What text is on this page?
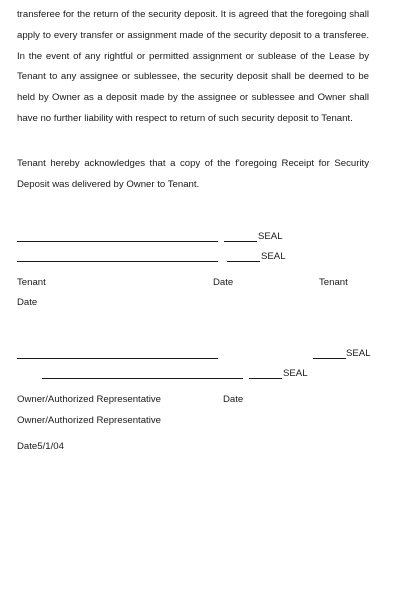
transferee for the return of the security deposit. It is agreed that the foregoing shall apply to every transfer or assignment made of the security deposit to a transferee. In the event of any rightful or permitted assignment or sublease of the Lease by Tenant to any assignee or sublessee, the security deposit shall be deemed to be held by Owner as a deposit made by the assignee or sublessee and Owner shall have no further liability with respect to return of such security deposit to Tenant.

Tenant hereby acknowledges that a copy of the f'oregoing Receipt for Security Deposit was delivered by Owner to Tenant.

SEAL
SEAL
Tenant	Date	Tenant
Date
SEAL
SEAL
Owner/Authorized Representative	Date
Owner/Authorized Representative
Date5/1/04
